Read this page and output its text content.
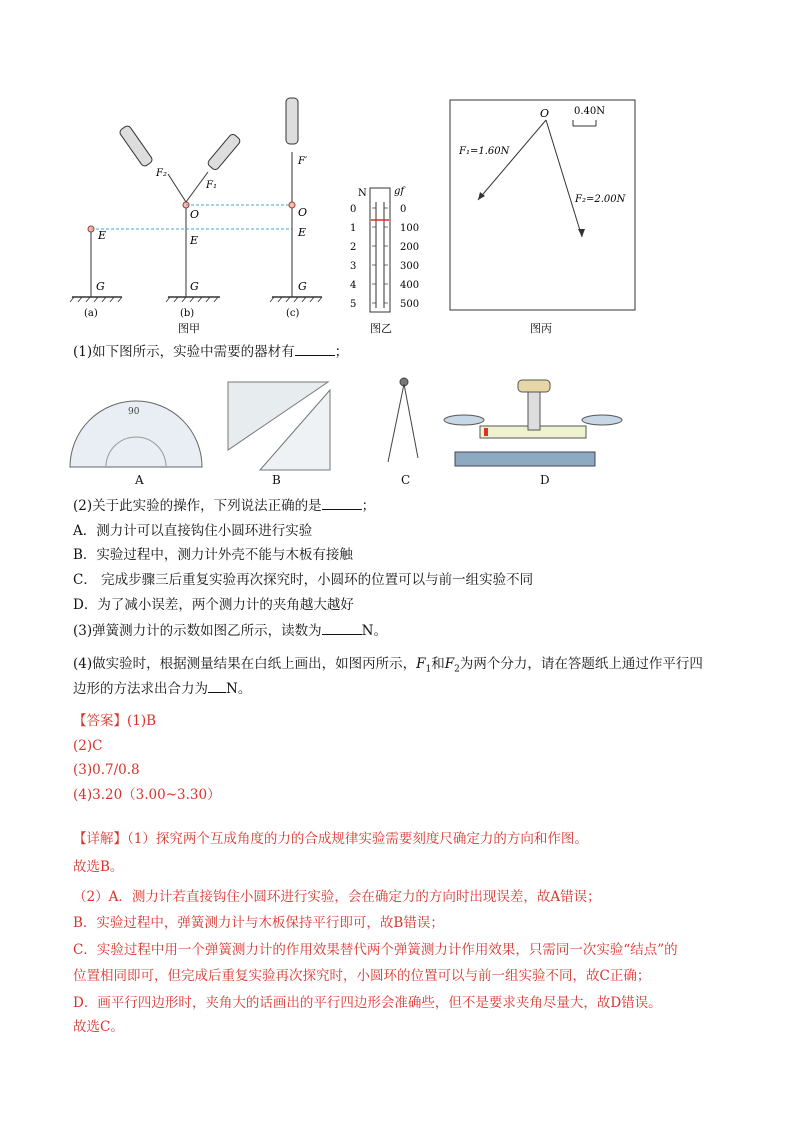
E
G
(a)
F₂
F₁
O
E
G
(b)
F′
O
E
G
(c)
图甲
N	gf
0
1
2
3
4
5
0
100
200
300
400
500
图乙
0.40N
O
F₁=1.60N
F₂=2.00N
图丙
(1)如下图所示，实验中需要的器材有	；
90
A	B	C	D
(2)关于此实验的操作，下列说法正确的是	；
A．测力计可以直接钩住小圆环进行实验
B．实验过程中，测力计外壳不能与木板有接触
C． 完成步骤三后重复实验再次探究时，小圆环的位置可以与前一组实验不同
D．为了减小误差，两个测力计的夹角越大越好
(3)弹簧测力计的示数如图乙所示，读数为	N。
(4)做实验时，根据测量结果在白纸上画出，如图丙所示，$F_1$和$F_2$为两个分力，请在答题纸上通过作平行四
边形的方法求出合力为 N。
【答案】(1)B
(2)C
(3)0.7/0.8
(4)3.20（3.00~3.30）
【详解】（1）探究两个互成角度的力的合成规律实验需要刻度尺确定力的方向和作图。
故选B。
（2）A．测力计若直接钩住小圆环进行实验，会在确定力的方向时出现误差，故A错误；
B．实验过程中，弹簧测力计与木板保持平行即可，故B错误；
C．实验过程中用一个弹簧测力计的作用效果替代两个弹簧测力计作用效果，只需同一次实验“结点”的
位置相同即可，但完成后重复实验再次探究时，小圆环的位置可以与前一组实验不同，故C正确；
D．画平行四边形时，夹角大的话画出的平行四边形会准确些，但不是要求夹角尽量大，故D错误。
故选C。
